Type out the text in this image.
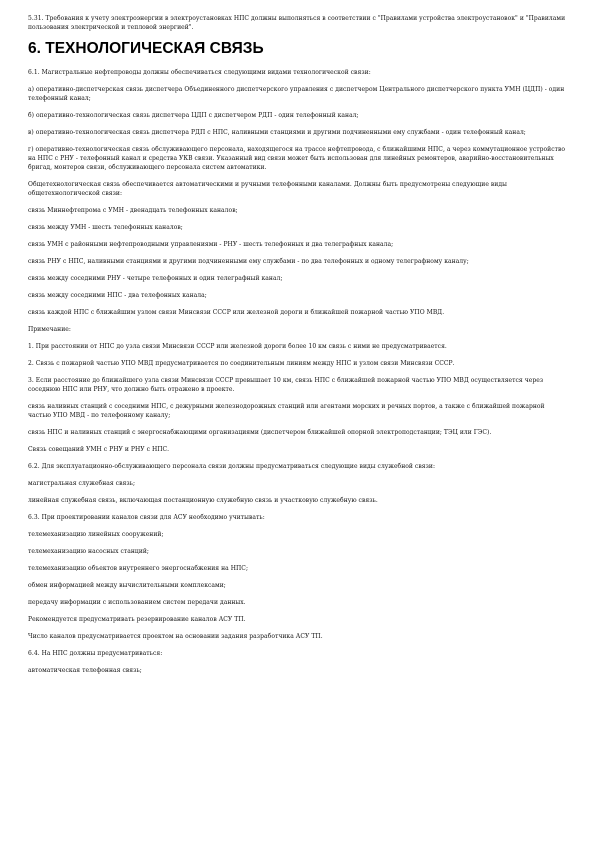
5.31. Требования к учету электроэнергии в электроустановках НПС должны выполняться в соответствии с "Правилами устройства электроустановок" и "Правилами пользования электрической и тепловой энергией".

6. ТЕХНОЛОГИЧЕСКАЯ СВЯЗЬ

6.1. Магистральные нефтепроводы должны обеспечиваться следующими видами технологической связи:

а) оперативно-диспетчерская связь диспетчера Объединенного диспетчерского управления с диспетчером Центрального диспетчерского пункта УМН (ЦДП) - один телефонный канал;

б) оперативно-технологическая связь диспетчера ЦДП с диспетчером РДП - один телефонный канал;

в) оперативно-технологическая связь диспетчера РДП с НПС, наливными станциями и другими подчиненными ему службами - один телефонный канал;

г) оперативно-технологическая связь обслуживающего персонала, находящегося на трассе нефтепровода, с ближайшими НПС, а через коммутационное устройство на НПС с РНУ - телефонный канал и средства УКВ связи. Указанный вид связи может быть использован для линейных ремонтеров, аварийно-восстановительных бригад, монтеров связи, обслуживающего персонала систем автоматики.

Общетехнологическая связь обеспечивается автоматическими и ручными телефонными каналами. Должны быть предусмотрены следующие виды общетехнологической связи:

связь Миннефтепрома с УМН - двенадцать телефонных каналов;

связь между УМН - шесть телефонных каналов;

связь УМН с районными нефтепроводными управлениями - РНУ - шесть телефонных и два телеграфных канала;

связь РНУ с НПС, наливными станциями и другими подчиненными ему службами - по два телефонных и одному телеграфному каналу;

связь между соседними РНУ - четыре телефонных и один телеграфный канал;

связь между соседними НПС - два телефонных канала;

связь каждой НПС с ближайшим узлом связи Минсвязи СССР или железной дороги и ближайшей пожарной частью УПО МВД.

Примечание:

1. При расстоянии от НПС до узла связи Минсвязи СССР или железной дороги более 10 км связь с ними не предусматривается.

2. Связь с пожарной частью УПО МВД предусматривается по соединительным линиям между НПС и узлом связи Минсвязи СССР.

3. Если расстояние до ближайшего узла связи Минсвязи СССР превышает 10 км, связь НПС с ближайшей пожарной частью УПО МВД осуществляется через соседнюю НПС или РНУ, что должно быть отражено в проекте.

связь наливных станций с соседними НПС, с дежурными железнодорожных станций или агентами морских и речных портов, а также с ближайшей пожарной частью УПО МВД - по телефонному каналу;

связь НПС и наливных станций с энергоснабжающими организациями (диспетчером ближайшей опорной электроподстанции; ТЭЦ или ГЭС).

Связь совещаний УМН с РНУ и РНУ с НПС.

6.2. Для эксплуатационно-обслуживающего персонала связи должны предусматриваться следующие виды служебной связи:

магистральная служебная связь;

линейная служебная связь, включающая постанционную служебную связь и участковую служебную связь.

6.3. При проектировании каналов связи для АСУ необходимо учитывать:

телемеханизацию линейных сооружений;

телемеханизацию насосных станций;

телемеханизацию объектов внутреннего энергоснабжения на НПС;

обмен информацией между вычислительными комплексами;

передачу информации с использованием систем передачи данных.

Рекомендуется предусматривать резервирование каналов АСУ ТП.

Число каналов предусматривается проектом на основании задания разработчика АСУ ТП.

6.4. На НПС должны предусматриваться:

автоматическая телефонная связь;
